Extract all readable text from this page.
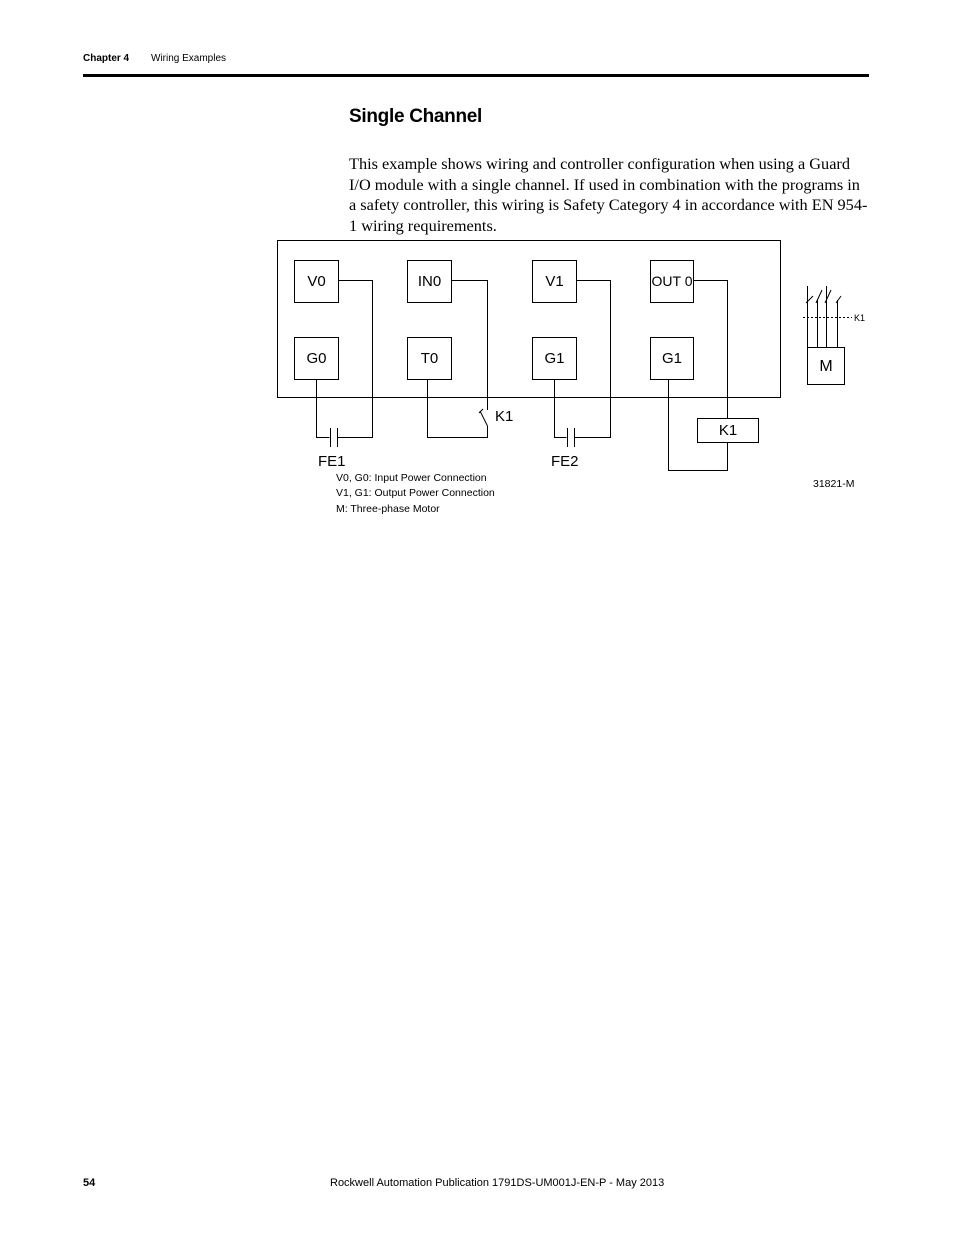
Chapter 4 Wiring Examples
Single Channel
This example shows wiring and controller configuration when using a Guard I/O module with a single channel. If used in combination with the programs in a safety controller, this wiring is Safety Category 4 in accordance with EN 954-1 wiring requirements.
V0	IN0	V1	OUT 0
G0	T0	G1	G1
K1
M
FE1	FE2
K1
K1
V0, G0: Input Power Connection
V1, G1: Output Power Connection
M: Three-phase Motor
31821-M
54	Rockwell Automation Publication 1791DS-UM001J-EN-P - May 2013
